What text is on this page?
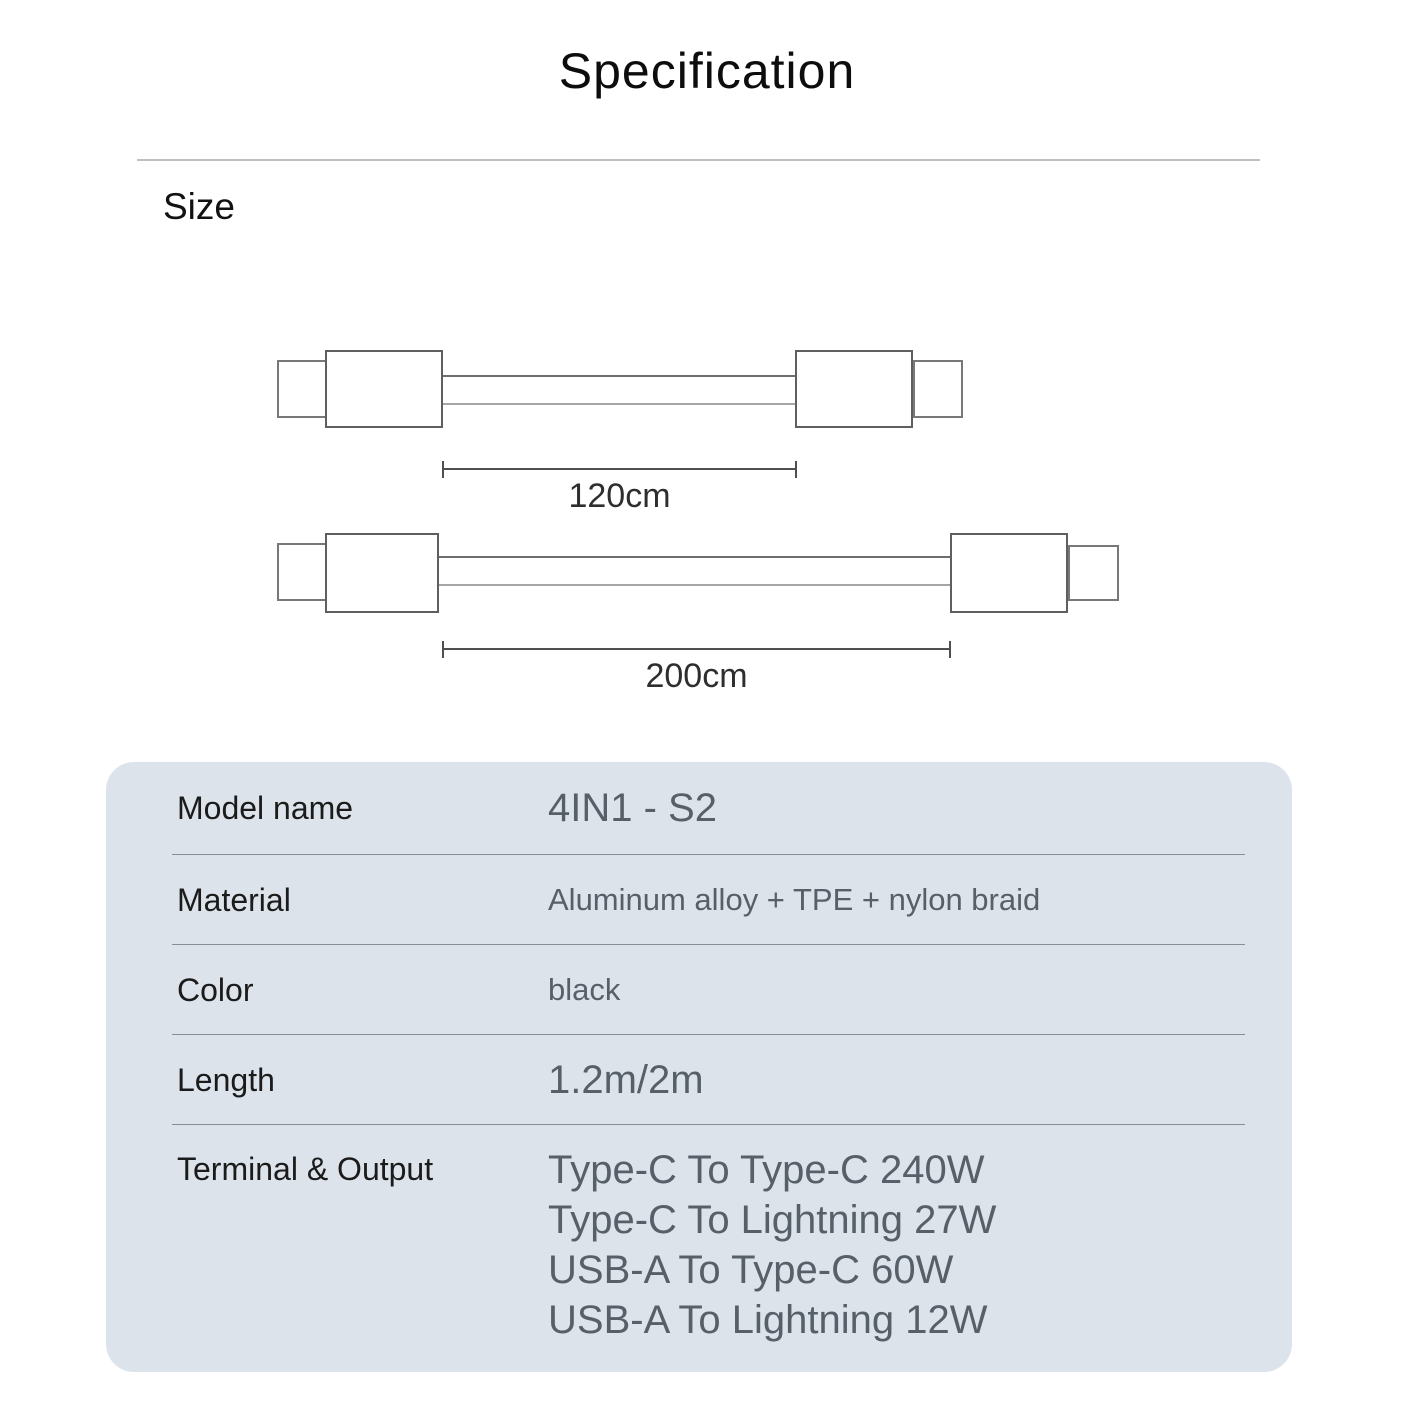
Specification
Size
120cm
200cm
Model name	4IN1 - S2
Material	Aluminum alloy + TPE + nylon braid
Color	black
Length	1.2m/2m
Terminal & Output	Type-C To Type-C 240W
Type-C To Lightning 27W
USB-A To Type-C 60W
USB-A To Lightning 12W
